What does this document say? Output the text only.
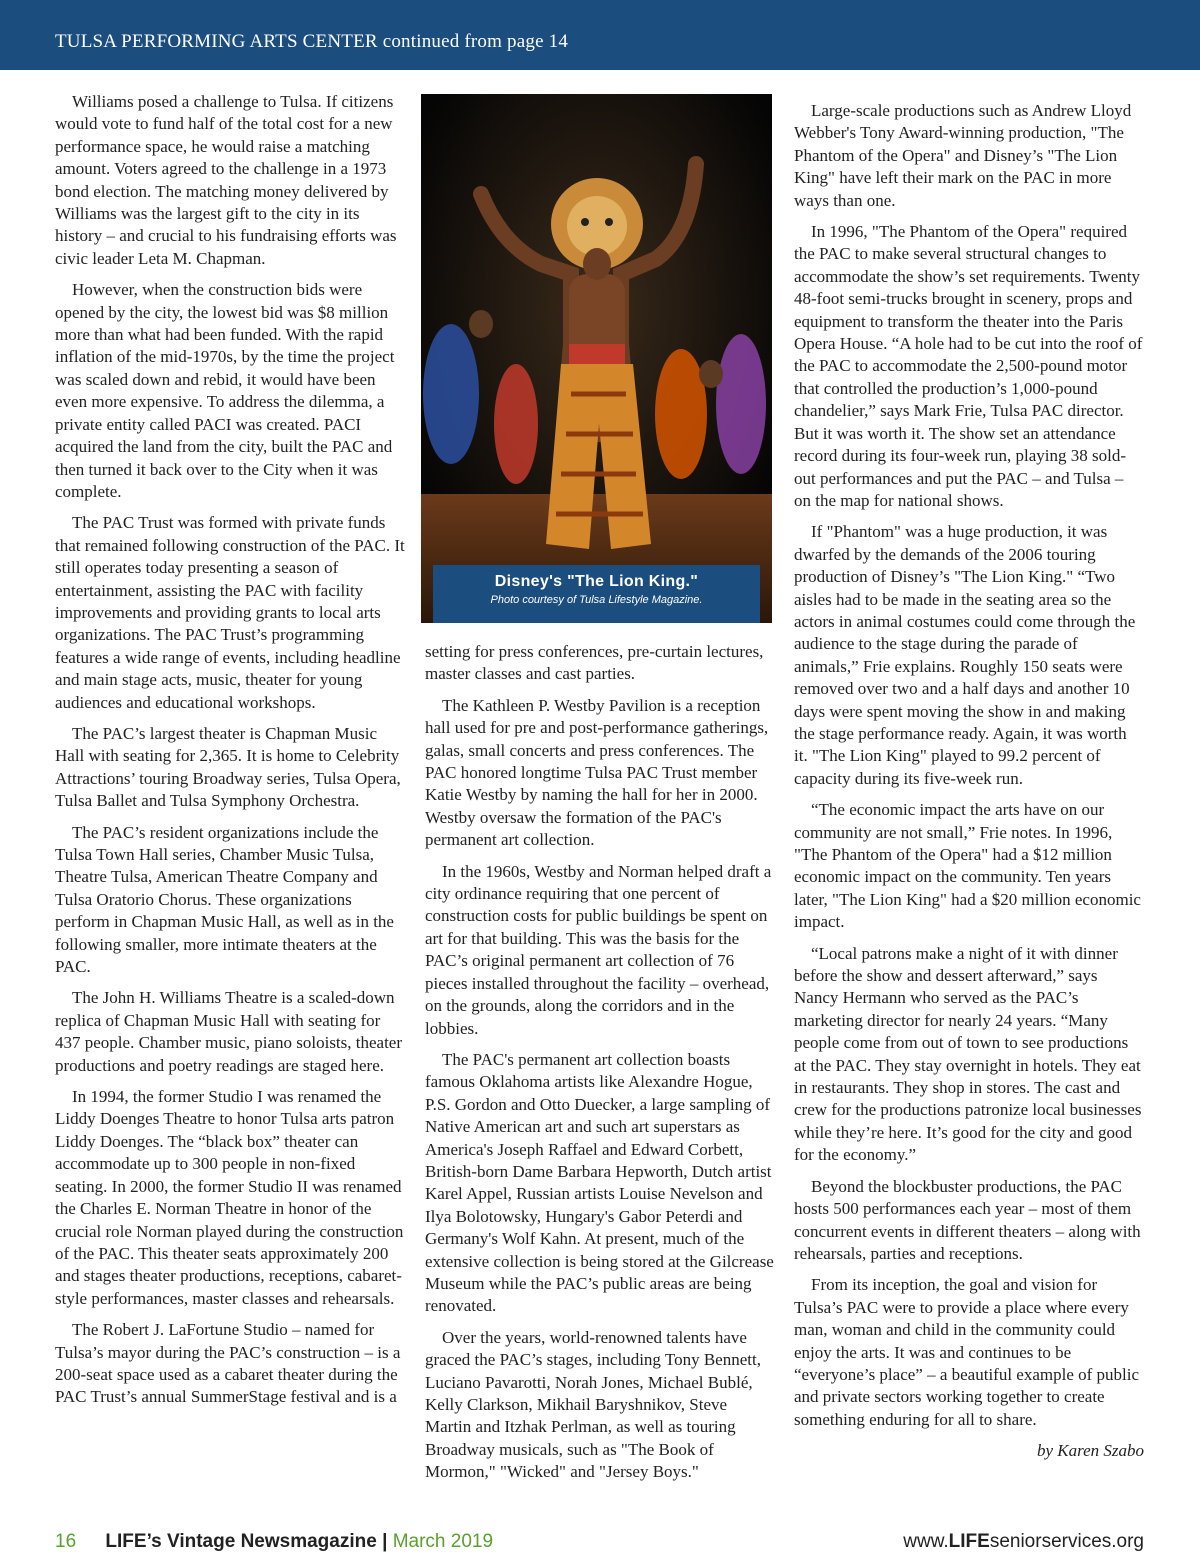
TULSA PERFORMING ARTS CENTER continued from page 14

Williams posed a challenge to Tulsa. If citizens would vote to fund half of the total cost for a new performance space, he would raise a matching amount. Voters agreed to the challenge in a 1973 bond election. The matching money delivered by Williams was the largest gift to the city in its history – and crucial to his fundraising efforts was civic leader Leta M. Chapman.

However, when the construction bids were opened by the city, the lowest bid was $8 million more than what had been funded. With the rapid inflation of the mid-1970s, by the time the project was scaled down and rebid, it would have been even more expensive. To address the dilemma, a private entity called PACI was created. PACI acquired the land from the city, built the PAC and then turned it back over to the City when it was complete.

The PAC Trust was formed with private funds that remained following construction of the PAC. It still operates today presenting a season of entertainment, assisting the PAC with facility improvements and providing grants to local arts organizations. The PAC Trust’s programming features a wide range of events, including headline and main stage acts, music, theater for young audiences and educational workshops.

The PAC’s largest theater is Chapman Music Hall with seating for 2,365. It is home to Celebrity Attractions’ touring Broadway series, Tulsa Opera, Tulsa Ballet and Tulsa Symphony Orchestra.

The PAC’s resident organizations include the Tulsa Town Hall series, Chamber Music Tulsa, Theatre Tulsa, American Theatre Company and Tulsa Oratorio Chorus. These organizations perform in Chapman Music Hall, as well as in the following smaller, more intimate theaters at the PAC.

The John H. Williams Theatre is a scaled-down replica of Chapman Music Hall with seating for 437 people. Chamber music, piano soloists, theater productions and poetry readings are staged here.

In 1994, the former Studio I was renamed the Liddy Doenges Theatre to honor Tulsa arts patron Liddy Doenges. The “black box” theater can accommodate up to 300 people in non-fixed seating. In 2000, the former Studio II was renamed the Charles E. Norman Theatre in honor of the crucial role Norman played during the construction of the PAC. This theater seats approximately 200 and stages theater productions, receptions, cabaret-style performances, master classes and rehearsals.

The Robert J. LaFortune Studio – named for Tulsa’s mayor during the PAC’s construction – is a 200-seat space used as a cabaret theater during the PAC Trust’s annual SummerStage festival and is a

Disney's "The Lion King."
Photo courtesy of Tulsa Lifestyle Magazine.

setting for press conferences, pre-curtain lectures, master classes and cast parties.

The Kathleen P. Westby Pavilion is a reception hall used for pre and post-performance gatherings, galas, small concerts and press conferences. The PAC honored longtime Tulsa PAC Trust member Katie Westby by naming the hall for her in 2000. Westby oversaw the formation of the PAC's permanent art collection.

In the 1960s, Westby and Norman helped draft a city ordinance requiring that one percent of construction costs for public buildings be spent on art for that building. This was the basis for the PAC’s original permanent art collection of 76 pieces installed throughout the facility – overhead, on the grounds, along the corridors and in the lobbies.

The PAC's permanent art collection boasts famous Oklahoma artists like Alexandre Hogue, P.S. Gordon and Otto Duecker, a large sampling of Native American art and such art superstars as America's Joseph Raffael and Edward Corbett, British-born Dame Barbara Hepworth, Dutch artist Karel Appel, Russian artists Louise Nevelson and Ilya Bolotowsky, Hungary's Gabor Peterdi and Germany's Wolf Kahn. At present, much of the extensive collection is being stored at the Gilcrease Museum while the PAC’s public areas are being renovated.

Over the years, world-renowned talents have graced the PAC’s stages, including Tony Bennett, Luciano Pavarotti, Norah Jones, Michael Bublé, Kelly Clarkson, Mikhail Baryshnikov, Steve Martin and Itzhak Perlman, as well as touring Broadway musicals, such as "The Book of Mormon," "Wicked" and "Jersey Boys."

Large-scale productions such as Andrew Lloyd Webber's Tony Award-winning production, "The Phantom of the Opera" and Disney’s "The Lion King" have left their mark on the PAC in more ways than one.

In 1996, "The Phantom of the Opera" required the PAC to make several structural changes to accommodate the show’s set requirements. Twenty 48-foot semi-trucks brought in scenery, props and equipment to transform the theater into the Paris Opera House. “A hole had to be cut into the roof of the PAC to accommodate the 2,500-pound motor that controlled the production’s 1,000-pound chandelier,” says Mark Frie, Tulsa PAC director. But it was worth it. The show set an attendance record during its four-week run, playing 38 sold-out performances and put the PAC – and Tulsa – on the map for national shows.

If "Phantom" was a huge production, it was dwarfed by the demands of the 2006 touring production of Disney’s "The Lion King." “Two aisles had to be made in the seating area so the actors in animal costumes could come through the audience to the stage during the parade of animals,” Frie explains. Roughly 150 seats were removed over two and a half days and another 10 days were spent moving the show in and making the stage performance ready. Again, it was worth it. "The Lion King" played to 99.2 percent of capacity during its five-week run.

“The economic impact the arts have on our community are not small,” Frie notes. In 1996, "The Phantom of the Opera" had a $12 million economic impact on the community. Ten years later, "The Lion King" had a $20 million economic impact.

“Local patrons make a night of it with dinner before the show and dessert afterward,” says Nancy Hermann who served as the PAC’s marketing director for nearly 24 years. “Many people come from out of town to see productions at the PAC. They stay overnight in hotels. They eat in restaurants. They shop in stores. The cast and crew for the productions patronize local businesses while they’re here. It’s good for the city and good for the economy.”

Beyond the blockbuster productions, the PAC hosts 500 performances each year – most of them concurrent events in different theaters – along with rehearsals, parties and receptions.

From its inception, the goal and vision for Tulsa’s PAC were to provide a place where every man, woman and child in the community could enjoy the arts. It was and continues to be “everyone’s place” – a beautiful example of public and private sectors working together to create something enduring for all to share.

by Karen Szabo

16 LIFE’s Vintage Newsmagazine | March 2019	www.LIFEseniorservices.org
